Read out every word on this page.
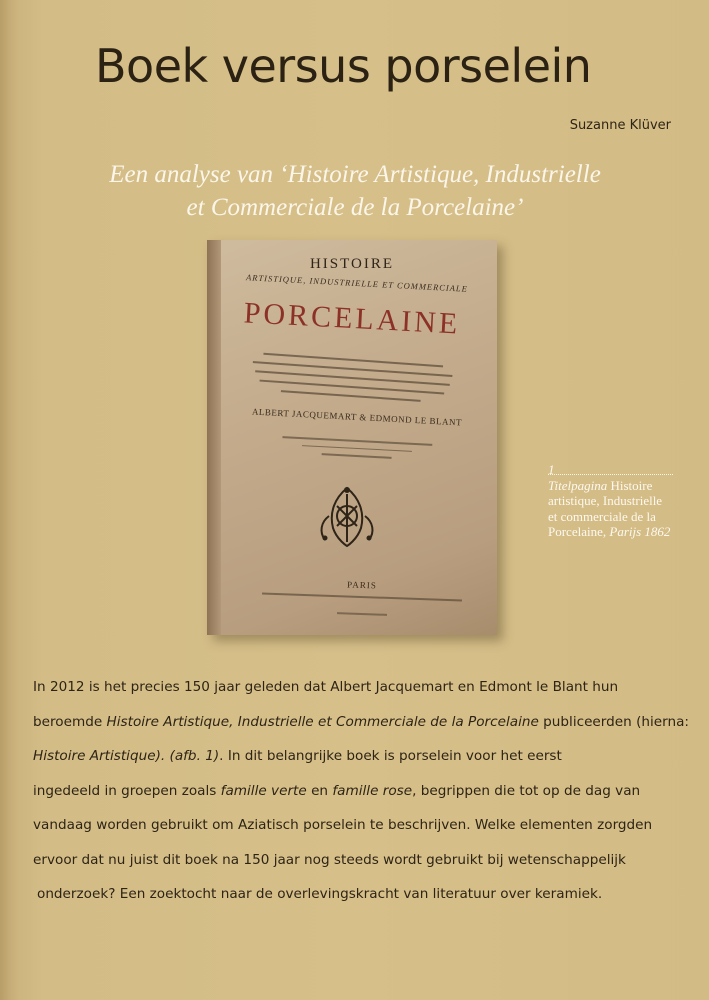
Boek versus porselein
Suzanne Klüver
Een analyse van ‘Histoire Artistique, Industrielle
et Commerciale de la Porcelaine’
HISTOIRE
ARTISTIQUE, INDUSTRIELLE ET COMMERCIALE
PORCELAINE
ALBERT JACQUEMART & EDMOND LE BLANT
PARIS
1
Titelpagina Histoire
artistique, Industrielle
et commerciale de la
Porcelaine, Parijs 1862
In 2012 is het precies 150 jaar geleden dat Albert Jacquemart en Edmont le Blant hun
beroemde Histoire Artistique, Industrielle et Commerciale de la Porcelaine publiceerden (hierna:
Histoire Artistique). (afb. 1). In dit belangrijke boek is porselein voor het eerst
ingedeeld in groepen zoals famille verte en famille rose, begrippen die tot op de dag van
vandaag worden gebruikt om Aziatisch porselein te beschrijven. Welke elementen zorgden
ervoor dat nu juist dit boek na 150 jaar nog steeds wordt gebruikt bij wetenschappelijk
onderzoek? Een zoektocht naar de overlevingskracht van literatuur over keramiek.
